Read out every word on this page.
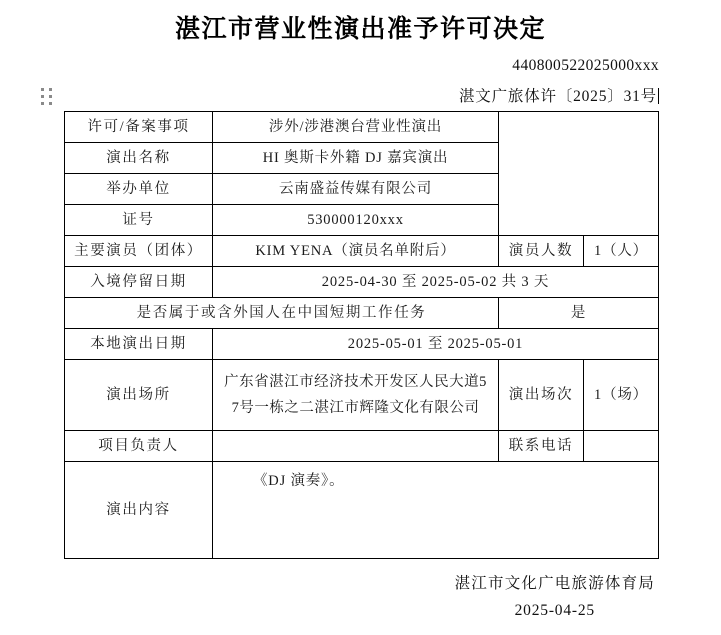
湛江市营业性演出准予许可决定
440800522025000xxx
湛文广旅体许〔2025〕31号
许可/备案事项	涉外/涉港澳台营业性演出		
演出名称	HI 奥斯卡外籍 DJ 嘉宾演出		
举办单位	云南盛益传媒有限公司		
证号	530000120xxx		
主要演员（团体）	KIM YENA（演员名单附后）	演员人数	1（人）
入境停留日期	2025-04-30 至 2025-05-02 共 3 天		
是否属于或含外国人在中国短期工作任务		是	
本地演出日期	2025-05-01 至 2025-05-01		
演出场所	广东省湛江市经济技术开发区人民大道57号一栋之二湛江市辉隆文化有限公司	演出场次	1（场）
项目负责人		联系电话	
演出内容	《DJ 演奏》。		
湛江市文化广电旅游体育局
2025-04-25
